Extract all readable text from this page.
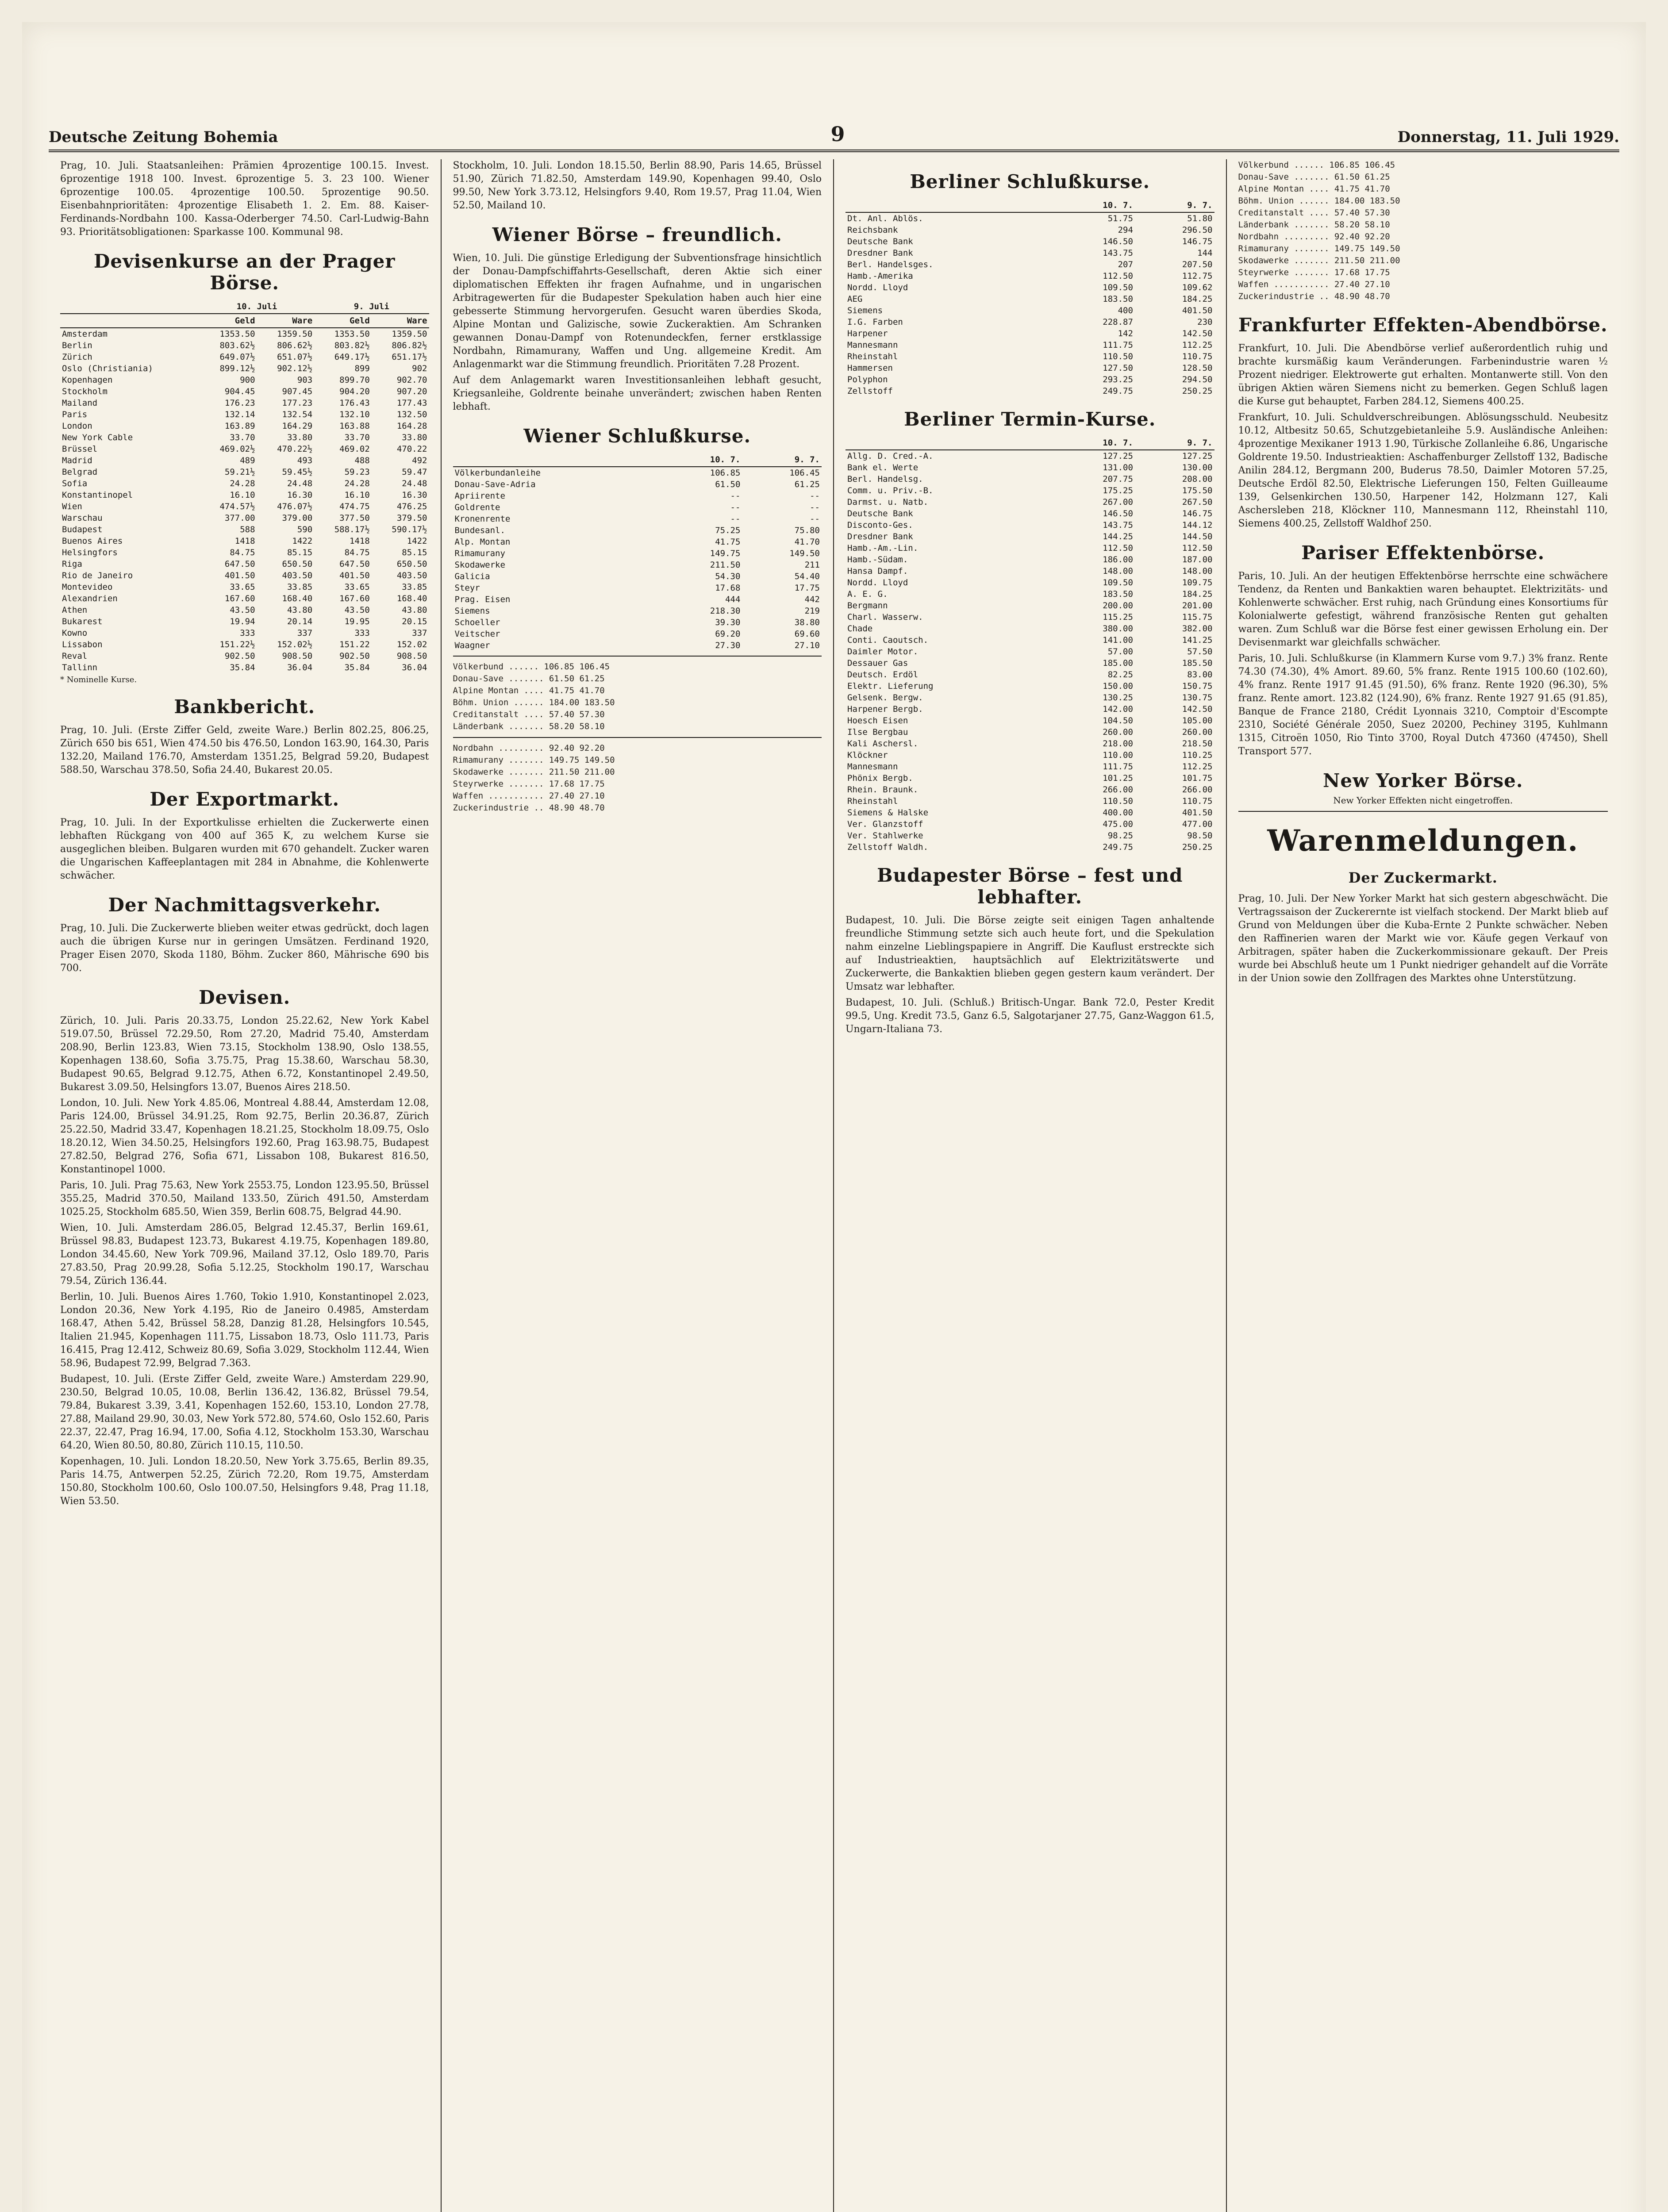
Deutsche Zeitung Bohemia	9	Donnerstag, 11. Juli 1929.

Prag, 10. Juli. Staatsanleihen: Prämien 4prozentige 100.15. Invest. 6prozentige 1918 100. Invest. 6prozentige 5. 3. 23 100. Wiener 6prozentige 100.05. 4prozentige 100.50. 5prozentige 90.50. Eisenbahnprioritäten: 4prozentige Elisabeth 1. 2. Em. 88. Kaiser-Ferdinands-Nordbahn 100. Kassa-Oderberger 74.50. Carl-Ludwig-Bahn 93. Prioritätsobligationen: Sparkasse 100. Kommunal 98.

Devisenkurse an der Prager Börse.
	10. Juli		9. Juli	
	Geld	Ware	Geld	Ware
Amsterdam	1353.50	1359.50	1353.50	1359.50
Berlin	803.62½	806.62½	803.82½	806.82½
Zürich	649.07½	651.07½	649.17½	651.17½
Oslo (Christiania)	899.12½	902.12½	899	902
Kopenhagen	900	903	899.70	902.70
Stockholm	904.45	907.45	904.20	907.20
Mailand	176.23	177.23	176.43	177.43
Paris	132.14	132.54	132.10	132.50
London	163.89	164.29	163.88	164.28
New York Cable	33.70	33.80	33.70	33.80
Brüssel	469.02½	470.22½	469.02	470.22
Madrid	489	493	488	492
Belgrad	59.21½	59.45½	59.23	59.47
Sofia	24.28	24.48	24.28	24.48
Konstantinopel	16.10	16.30	16.10	16.30
Wien	474.57½	476.07½	474.75	476.25
Warschau	377.00	379.00	377.50	379.50
Budapest	588	590	588.17½	590.17½
Buenos Aires	1418	1422	1418	1422
Helsingfors	84.75	85.15	84.75	85.15
Riga	647.50	650.50	647.50	650.50
Rio de Janeiro	401.50	403.50	401.50	403.50
Montevideo	33.65	33.85	33.65	33.85
Alexandrien	167.60	168.40	167.60	168.40
Athen	43.50	43.80	43.50	43.80
Bukarest	19.94	20.14	19.95	20.15
Kowno	333	337	333	337
Lissabon	151.22½	152.02½	151.22	152.02
Reval	902.50	908.50	902.50	908.50
Tallinn	35.84	36.04	35.84	36.04
* Nominelle Kurse.
Bankbericht.

Prag, 10. Juli. (Erste Ziffer Geld, zweite Ware.) Berlin 802.25, 806.25, Zürich 650 bis 651, Wien 474.50 bis 476.50, London 163.90, 164.30, Paris 132.20, Mailand 176.70, Amsterdam 1351.25, Belgrad 59.20, Budapest 588.50, Warschau 378.50, Sofia 24.40, Bukarest 20.05.

Der Exportmarkt.

Prag, 10. Juli. In der Exportkulisse erhielten die Zuckerwerte einen lebhaften Rückgang von 400 auf 365 K, zu welchem Kurse sie ausgeglichen bleiben. Bulgaren wurden mit 670 gehandelt. Zucker waren die Ungarischen Kaffeeplantagen mit 284 in Abnahme, die Kohlenwerte schwächer.

Der Nachmittagsverkehr.

Prag, 10. Juli. Die Zuckerwerte blieben weiter etwas gedrückt, doch lagen auch die übrigen Kurse nur in geringen Umsätzen. Ferdinand 1920, Prager Eisen 2070, Skoda 1180, Böhm. Zucker 860, Mährische 690 bis 700.

Devisen.

Zürich, 10. Juli. Paris 20.33.75, London 25.22.62, New York Kabel 519.07.50, Brüssel 72.29.50, Rom 27.20, Madrid 75.40, Amsterdam 208.90, Berlin 123.83, Wien 73.15, Stockholm 138.90, Oslo 138.55, Kopenhagen 138.60, Sofia 3.75.75, Prag 15.38.60, Warschau 58.30, Budapest 90.65, Belgrad 9.12.75, Athen 6.72, Konstantinopel 2.49.50, Bukarest 3.09.50, Helsingfors 13.07, Buenos Aires 218.50.

London, 10. Juli. New York 4.85.06, Montreal 4.88.44, Amsterdam 12.08, Paris 124.00, Brüssel 34.91.25, Rom 92.75, Berlin 20.36.87, Zürich 25.22.50, Madrid 33.47, Kopenhagen 18.21.25, Stockholm 18.09.75, Oslo 18.20.12, Wien 34.50.25, Helsingfors 192.60, Prag 163.98.75, Budapest 27.82.50, Belgrad 276, Sofia 671, Lissabon 108, Bukarest 816.50, Konstantinopel 1000.

Paris, 10. Juli. Prag 75.63, New York 2553.75, London 123.95.50, Brüssel 355.25, Madrid 370.50, Mailand 133.50, Zürich 491.50, Amsterdam 1025.25, Stockholm 685.50, Wien 359, Berlin 608.75, Belgrad 44.90.

Wien, 10. Juli. Amsterdam 286.05, Belgrad 12.45.37, Berlin 169.61, Brüssel 98.83, Budapest 123.73, Bukarest 4.19.75, Kopenhagen 189.80, London 34.45.60, New York 709.96, Mailand 37.12, Oslo 189.70, Paris 27.83.50, Prag 20.99.28, Sofia 5.12.25, Stockholm 190.17, Warschau 79.54, Zürich 136.44.

Berlin, 10. Juli. Buenos Aires 1.760, Tokio 1.910, Konstantinopel 2.023, London 20.36, New York 4.195, Rio de Janeiro 0.4985, Amsterdam 168.47, Athen 5.42, Brüssel 58.28, Danzig 81.28, Helsingfors 10.545, Italien 21.945, Kopenhagen 111.75, Lissabon 18.73, Oslo 111.73, Paris 16.415, Prag 12.412, Schweiz 80.69, Sofia 3.029, Stockholm 112.44, Wien 58.96, Budapest 72.99, Belgrad 7.363.

Budapest, 10. Juli. (Erste Ziffer Geld, zweite Ware.) Amsterdam 229.90, 230.50, Belgrad 10.05, 10.08, Berlin 136.42, 136.82, Brüssel 79.54, 79.84, Bukarest 3.39, 3.41, Kopenhagen 152.60, 153.10, London 27.78, 27.88, Mailand 29.90, 30.03, New York 572.80, 574.60, Oslo 152.60, Paris 22.37, 22.47, Prag 16.94, 17.00, Sofia 4.12, Stockholm 153.30, Warschau 64.20, Wien 80.50, 80.80, Zürich 110.15, 110.50.

Kopenhagen, 10. Juli. London 18.20.50, New York 3.75.65, Berlin 89.35, Paris 14.75, Antwerpen 52.25, Zürich 72.20, Rom 19.75, Amsterdam 150.80, Stockholm 100.60, Oslo 100.07.50, Helsingfors 9.48, Prag 11.18, Wien 53.50.

Stockholm, 10. Juli. London 18.15.50, Berlin 88.90, Paris 14.65, Brüssel 51.90, Zürich 71.82.50, Amsterdam 149.90, Kopenhagen 99.40, Oslo 99.50, New York 3.73.12, Helsingfors 9.40, Rom 19.57, Prag 11.04, Wien 52.50, Mailand 10.

Wiener Börse – freundlich.

Wien, 10. Juli. Die günstige Erledigung der Subventionsfrage hinsichtlich der Donau-Dampfschiffahrts-Gesellschaft, deren Aktie sich einer diplomatischen Effekten ihr fragen Aufnahme, und in ungarischen Arbitragewerten für die Budapester Spekulation haben auch hier eine gebesserte Stimmung hervorgerufen. Gesucht waren überdies Skoda, Alpine Montan und Galizische, sowie Zuckeraktien. Am Schranken gewannen Donau-Dampf von Rotenundeckfen, ferner erstklassige Nordbahn, Rimamurany, Waffen und Ung. allgemeine Kredit. Am Anlagenmarkt war die Stimmung freundlich. Prioritäten 7.28 Prozent.

Auf dem Anlagemarkt waren Investitionsanleihen lebhaft gesucht, Kriegsanleihe, Goldrente beinahe unverändert; zwischen haben Renten lebhaft.

Wiener Schlußkurse.
	10. 7.	9. 7.
Völkerbundanleihe	106.85	106.45
Donau-Save-Adria	61.50	61.25
Apriirente	--	--
Goldrente	--	--
Kronenrente	--	--
Bundesanl.	75.25	75.80
Alp. Montan	41.75	41.70
Rimamurany	149.75	149.50
Skodawerke	211.50	211
Galicia	54.30	54.40
Steyr	17.68	17.75
Prag. Eisen	444	442
Siemens	218.30	219
Schoeller	39.30	38.80
Veitscher	69.20	69.60
Waagner	27.30	27.10
Völkerbund ...... 106.85 106.45
Donau-Save ....... 61.50 61.25
Alpine Montan .... 41.75 41.70
Böhm. Union ...... 184.00 183.50
Creditanstalt .... 57.40 57.30
Länderbank ....... 58.20 58.10
Nordbahn ......... 92.40 92.20
Rimamurany ....... 149.75 149.50
Skodawerke ....... 211.50 211.00
Steyrwerke ....... 17.68 17.75
Waffen ........... 27.40 27.10
Zuckerindustrie .. 48.90 48.70
Berliner Schlußkurse.
	10. 7.	9. 7.
Dt. Anl. Ablös.	51.75	51.80
Reichsbank	294	296.50
Deutsche Bank	146.50	146.75
Dresdner Bank	143.75	144
Berl. Handelsges.	207	207.50
Hamb.-Amerika	112.50	112.75
Nordd. Lloyd	109.50	109.62
AEG	183.50	184.25
Siemens	400	401.50
I.G. Farben	228.87	230
Harpener	142	142.50
Mannesmann	111.75	112.25
Rheinstahl	110.50	110.75
Hammersen	127.50	128.50
Polyphon	293.25	294.50
Zellstoff	249.75	250.25
Berliner Termin-Kurse.
	10. 7.	9. 7.
Allg. D. Cred.-A.	127.25	127.25
Bank el. Werte	131.00	130.00
Berl. Handelsg.	207.75	208.00
Comm. u. Priv.-B.	175.25	175.50
Darmst. u. Natb.	267.00	267.50
Deutsche Bank	146.50	146.75
Disconto-Ges.	143.75	144.12
Dresdner Bank	144.25	144.50
Hamb.-Am.-Lin.	112.50	112.50
Hamb.-Südam.	186.00	187.00
Hansa Dampf.	148.00	148.00
Nordd. Lloyd	109.50	109.75
A. E. G.	183.50	184.25
Bergmann	200.00	201.00
Charl. Wasserw.	115.25	115.75
Chade	380.00	382.00
Conti. Caoutsch.	141.00	141.25
Daimler Motor.	57.00	57.50
Dessauer Gas	185.00	185.50
Deutsch. Erdöl	82.25	83.00
Elektr. Lieferung	150.00	150.75
Gelsenk. Bergw.	130.25	130.75
Harpener Bergb.	142.00	142.50
Hoesch Eisen	104.50	105.00
Ilse Bergbau	260.00	260.00
Kali Aschersl.	218.00	218.50
Klöckner	110.00	110.25
Mannesmann	111.75	112.25
Phönix Bergb.	101.25	101.75
Rhein. Braunk.	266.00	266.00
Rheinstahl	110.50	110.75
Siemens & Halske	400.00	401.50
Ver. Glanzstoff	475.00	477.00
Ver. Stahlwerke	98.25	98.50
Zellstoff Waldh.	249.75	250.25
Budapester Börse – fest und lebhafter.

Budapest, 10. Juli. Die Börse zeigte seit einigen Tagen anhaltende freundliche Stimmung setzte sich auch heute fort, und die Spekulation nahm einzelne Lieblingspapiere in Angriff. Die Kauflust erstreckte sich auf Industrieaktien, hauptsächlich auf Elektrizitätswerte und Zuckerwerte, die Bankaktien blieben gegen gestern kaum verändert. Der Umsatz war lebhafter.

Budapest, 10. Juli. (Schluß.) Britisch-Ungar. Bank 72.0, Pester Kredit 99.5, Ung. Kredit 73.5, Ganz 6.5, Salgotarjaner 27.75, Ganz-Waggon 61.5, Ungarn-Italiana 73.

Völkerbund ...... 106.85 106.45
Donau-Save ....... 61.50 61.25
Alpine Montan .... 41.75 41.70
Böhm. Union ...... 184.00 183.50
Creditanstalt .... 57.40 57.30
Länderbank ....... 58.20 58.10
Nordbahn ......... 92.40 92.20
Rimamurany ....... 149.75 149.50
Skodawerke ....... 211.50 211.00
Steyrwerke ....... 17.68 17.75
Waffen ........... 27.40 27.10
Zuckerindustrie .. 48.90 48.70
Frankfurter Effekten-Abendbörse.

Frankfurt, 10. Juli. Die Abendbörse verlief außerordentlich ruhig und brachte kursmäßig kaum Veränderungen. Farbenindustrie waren ½ Prozent niedriger. Elektrowerte gut erhalten. Montanwerte still. Von den übrigen Aktien wären Siemens nicht zu bemerken. Gegen Schluß lagen die Kurse gut behauptet, Farben 284.12, Siemens 400.25.

Frankfurt, 10. Juli. Schuldverschreibungen. Ablösungsschuld. Neubesitz 10.12, Altbesitz 50.65, Schutzgebietanleihe 5.9. Ausländische Anleihen: 4prozentige Mexikaner 1913 1.90, Türkische Zollanleihe 6.86, Ungarische Goldrente 19.50. Industrieaktien: Aschaffenburger Zellstoff 132, Badische Anilin 284.12, Bergmann 200, Buderus 78.50, Daimler Motoren 57.25, Deutsche Erdöl 82.50, Elektrische Lieferungen 150, Felten Guilleaume 139, Gelsenkirchen 130.50, Harpener 142, Holzmann 127, Kali Aschersleben 218, Klöckner 110, Mannesmann 112, Rheinstahl 110, Siemens 400.25, Zellstoff Waldhof 250.

Pariser Effektenbörse.

Paris, 10. Juli. An der heutigen Effektenbörse herrschte eine schwächere Tendenz, da Renten und Bankaktien waren behauptet. Elektrizitäts- und Kohlenwerte schwächer. Erst ruhig, nach Gründung eines Konsortiums für Kolonialwerte gefestigt, während französische Renten gut gehalten waren. Zum Schluß war die Börse fest einer gewissen Erholung ein. Der Devisenmarkt war gleichfalls schwächer.

Paris, 10. Juli. Schlußkurse (in Klammern Kurse vom 9.7.) 3% franz. Rente 74.30 (74.30), 4% Amort. 89.60, 5% franz. Rente 1915 100.60 (102.60), 4% franz. Rente 1917 91.45 (91.50), 6% franz. Rente 1920 (96.30), 5% franz. Rente amort. 123.82 (124.90), 6% franz. Rente 1927 91.65 (91.85), Banque de France 2180, Crédit Lyonnais 3210, Comptoir d'Escompte 2310, Société Générale 2050, Suez 20200, Pechiney 3195, Kuhlmann 1315, Citroën 1050, Rio Tinto 3700, Royal Dutch 47360 (47450), Shell Transport 577.

New Yorker Börse.
New Yorker Effekten nicht eingetroffen.
Warenmeldungen.
Der Zuckermarkt.

Prag, 10. Juli. Der New Yorker Markt hat sich gestern abgeschwächt. Die Vertragssaison der Zuckerernte ist vielfach stockend. Der Markt blieb auf Grund von Meldungen über die Kuba-Ernte 2 Punkte schwächer. Neben den Raffinerien waren der Markt wie vor. Käufe gegen Verkauf von Arbitragen, später haben die Zuckerkommissionare gekauft. Der Preis wurde bei Abschluß heute um 1 Punkt niedriger gehandelt auf die Vorräte in der Union sowie den Zollfragen des Marktes ohne Unterstützung.
